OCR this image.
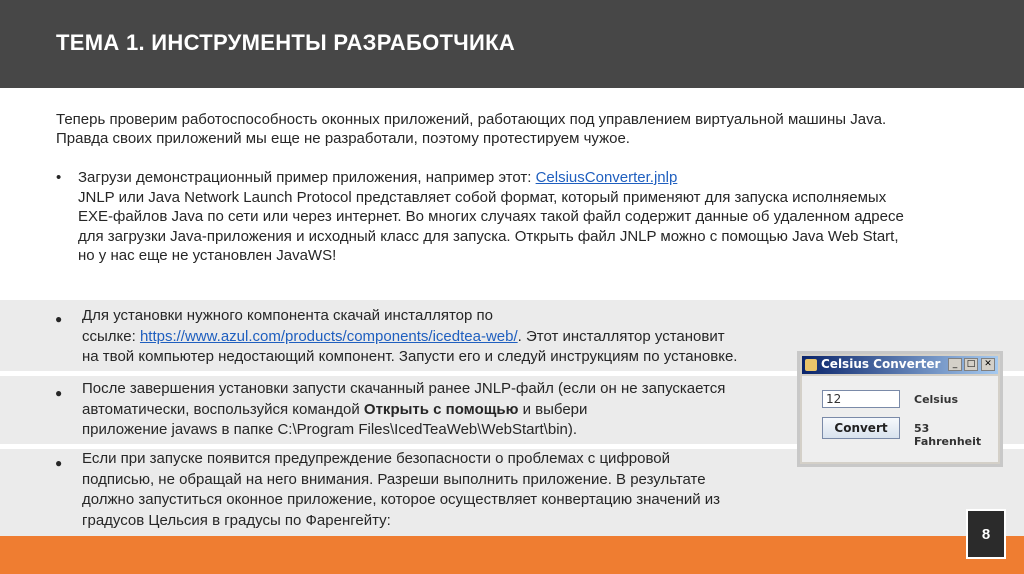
ТЕМА 1. ИНСТРУМЕНТЫ РАЗРАБОТЧИКА

Теперь проверим работоспособность оконных приложений, работающих под управлением виртуальной машины Java.

Правда своих приложений мы еще не разработали, поэтому протестируем чужое.

• Загрузи демонстрационный пример приложения, например этот: CelsiusConverter.jnlp
JNLP или Java Network Launch Protocol представляет собой формат, который применяют для запуска исполняемых
EXE-файлов Java по сети или через интернет. Во многих случаях такой файл содержит данные об удаленном адресе
для загрузки Java-приложения и исходный класс для запуска. Открыть файл JNLP можно с помощью Java Web Start,
но у нас еще не установлен JavaWS!
● Для установки нужного компонента скачай инсталлятор по
ссылке: https://www.azul.com/products/components/icedtea-web/. Этот инсталлятор установит
на твой компьютер недостающий компонент. Запусти его и следуй инструкциям по установке.
● После завершения установки запусти скачанный ранее JNLP-файл (если он не запускается
автоматически, воспользуйся командой Открыть с помощью и выбери
приложение javaws в папке C:\Program Files\IcedTeaWeb\WebStart\bin).
● Если при запуске появится предупреждение безопасности о проблемах с цифровой
подписью, не обращай на него внимания. Разреши выполнить приложение. В результате
должно запуститься оконное приложение, которое осуществляет конвертацию значений из
градусов Цельсия в градусы по Фаренгейту:
Celsius Converter	_	□ ✕
12	Celsius
Convert	53 Fahrenheit
8
